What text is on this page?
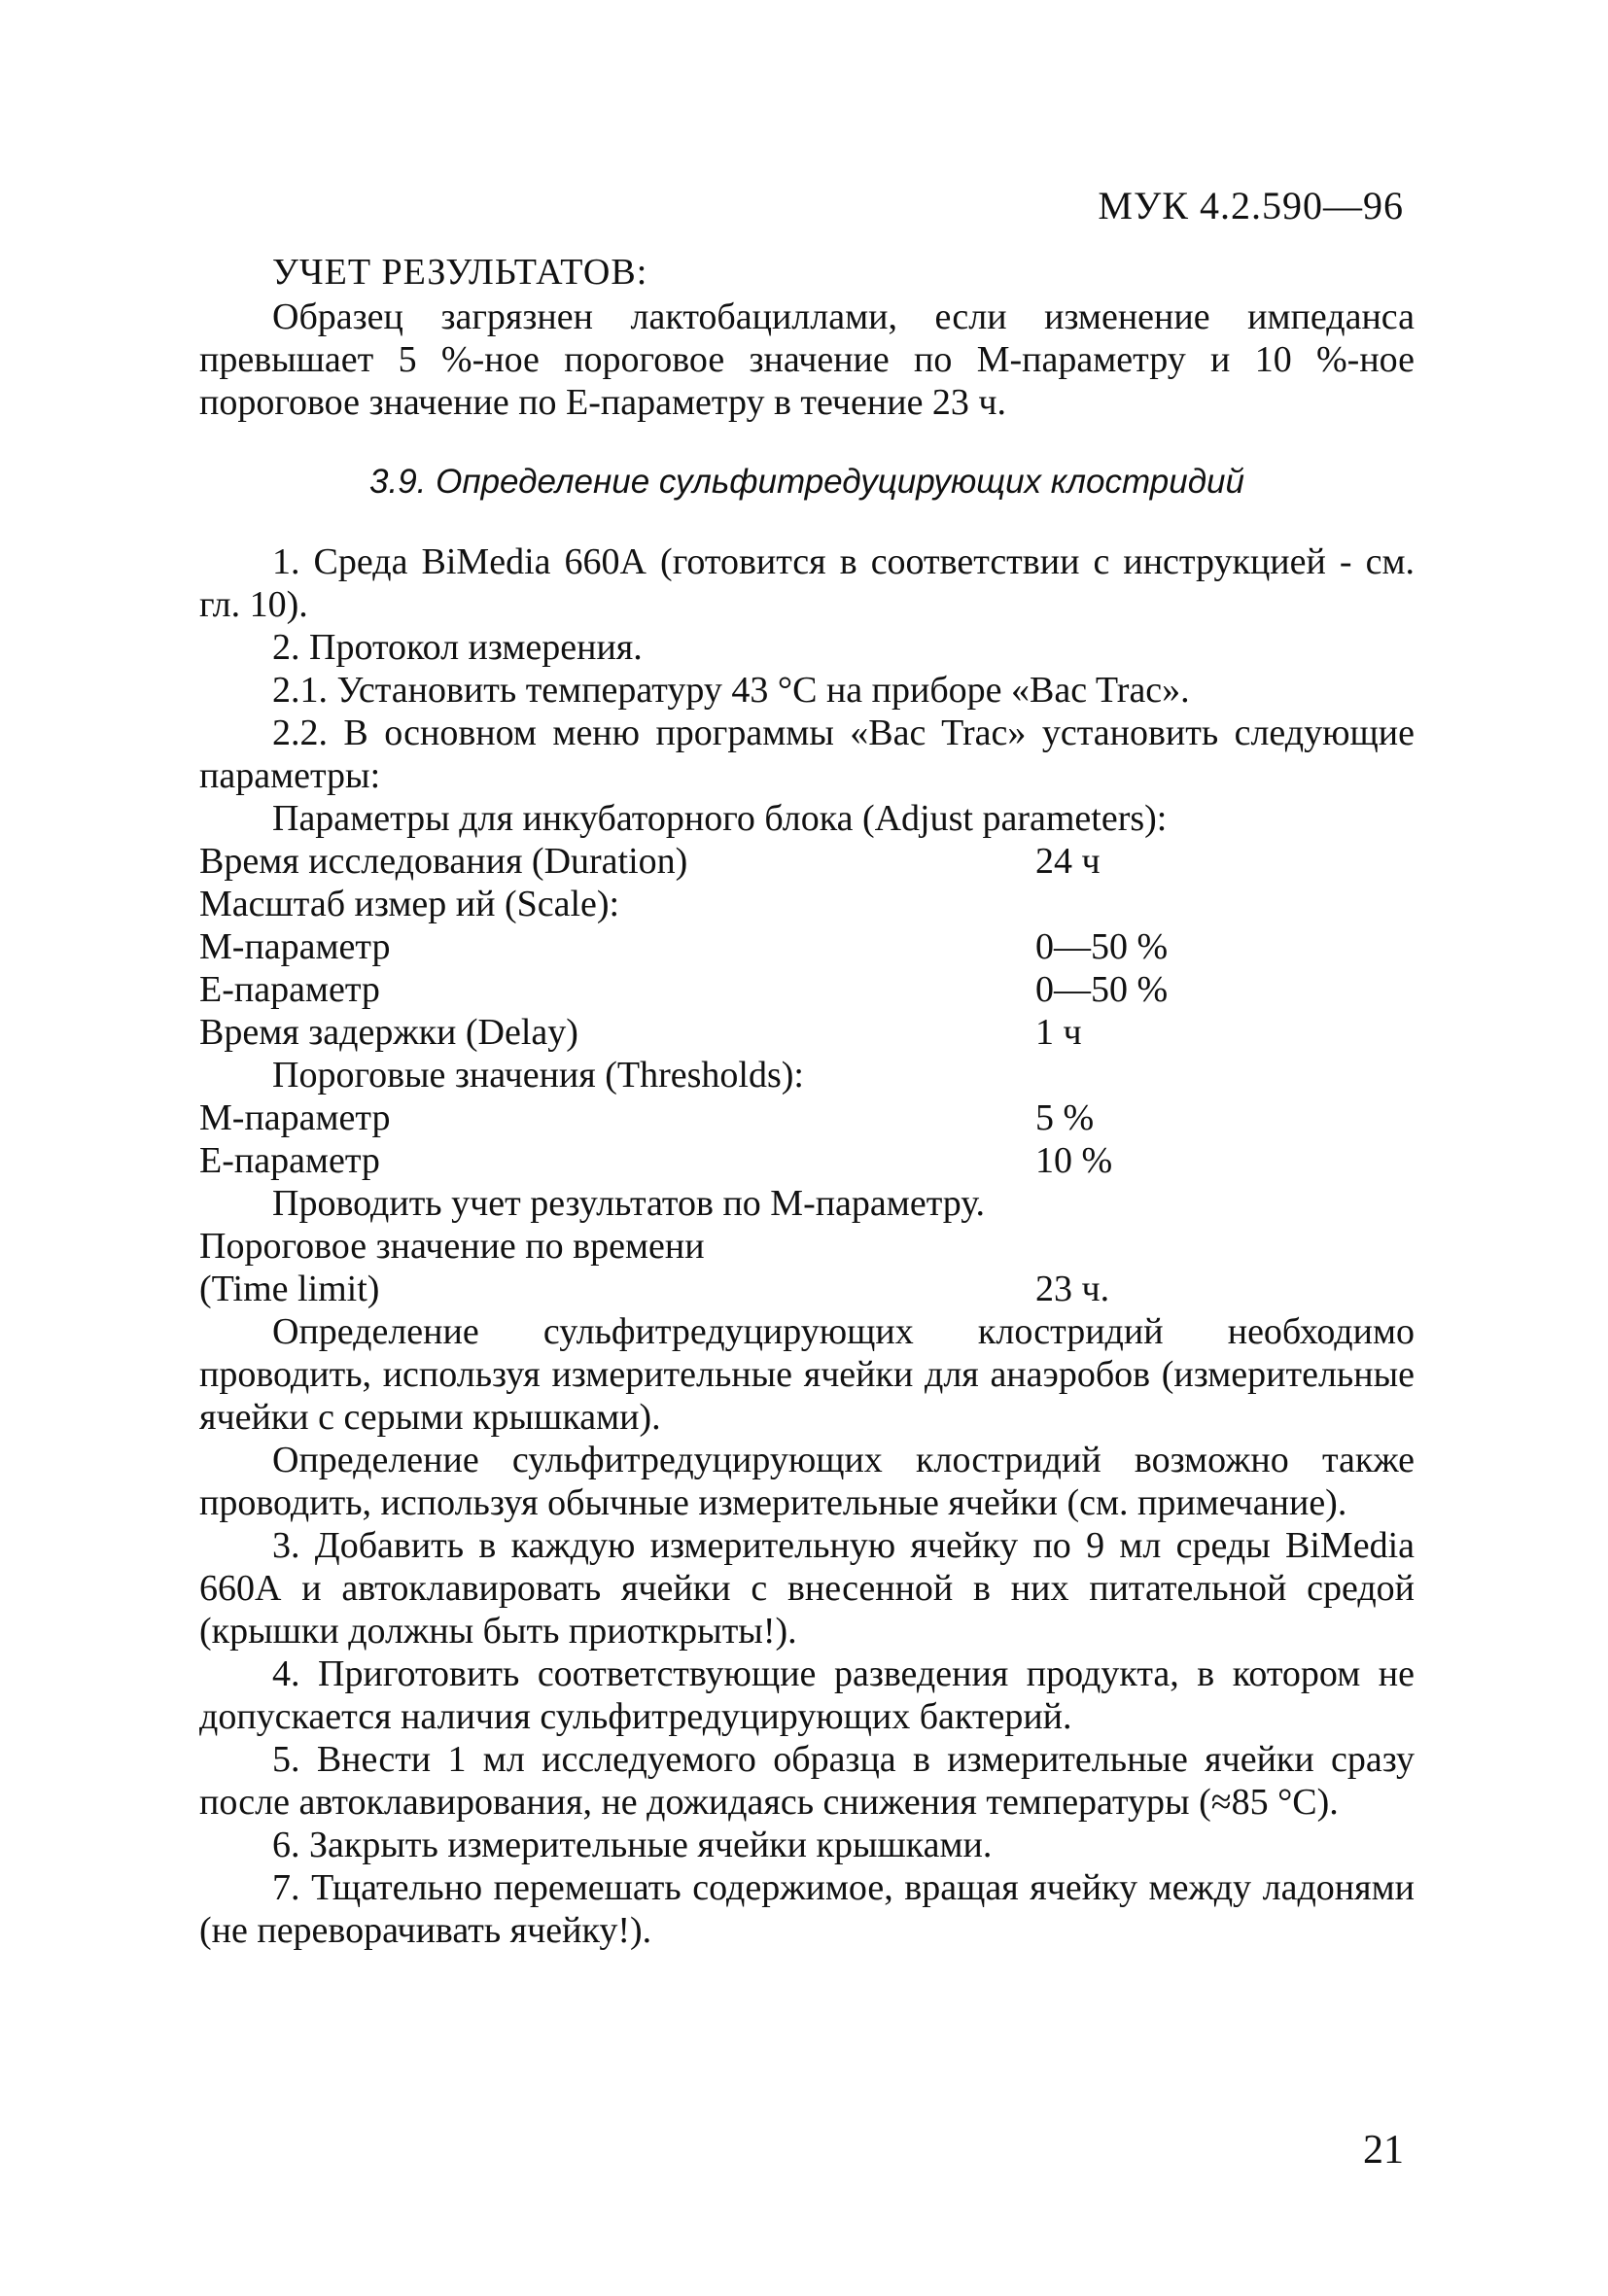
МУК 4.2.590—96
УЧЕТ РЕЗУЛЬТАТОВ:

Образец загрязнен лактобациллами, если изменение импеданса превышает 5 %-ное пороговое значение по М-параметру и 10 %-ное пороговое значение по Е-параметру в течение 23 ч.

3.9. Определение сульфитредуцирующих клостридий

1. Среда BiMedia 660А (готовится в соответствии с инструкцией - см. гл. 10).

2. Протокол измерения.

2.1. Установить температуру 43 °С на приборе «Bac Trac».

2.2. В основном меню программы «Bac Trac» установить следующие параметры:

Параметры для инкубаторного блока (Adjust parameters):
Время исследования (Duration)	24 ч
Масштаб измер ий (Scale):
М-параметр	0—50 %
Е-параметр	0—50 %
Время задержки (Delay)	1 ч
Пороговые значения (Thresholds):
М-параметр	5 %
Е-параметр	10 %
Проводить учет результатов по М-параметру.
Пороговое значение по времени
(Time limit)	23 ч.

Определение сульфитредуцирующих клостридий необходимо проводить, используя измерительные ячейки для анаэробов (измерительные ячейки с серыми крышками).

Определение сульфитредуцирующих клостридий возможно также проводить, используя обычные измерительные ячейки (см. примечание).

3. Добавить в каждую измерительную ячейку по 9 мл среды BiMedia 660А и автоклавировать ячейки с внесенной в них питательной средой (крышки должны быть приоткрыты!).

4. Приготовить соответствующие разведения продукта, в котором не допускается наличия сульфитредуцирующих бактерий.

5. Внести 1 мл исследуемого образца в измерительные ячейки сразу после автоклавирования, не дожидаясь снижения температуры (≈85 °С).

6. Закрыть измерительные ячейки крышками.

7. Тщательно перемешать содержимое, вращая ячейку между ладонями (не переворачивать ячейку!).

21
